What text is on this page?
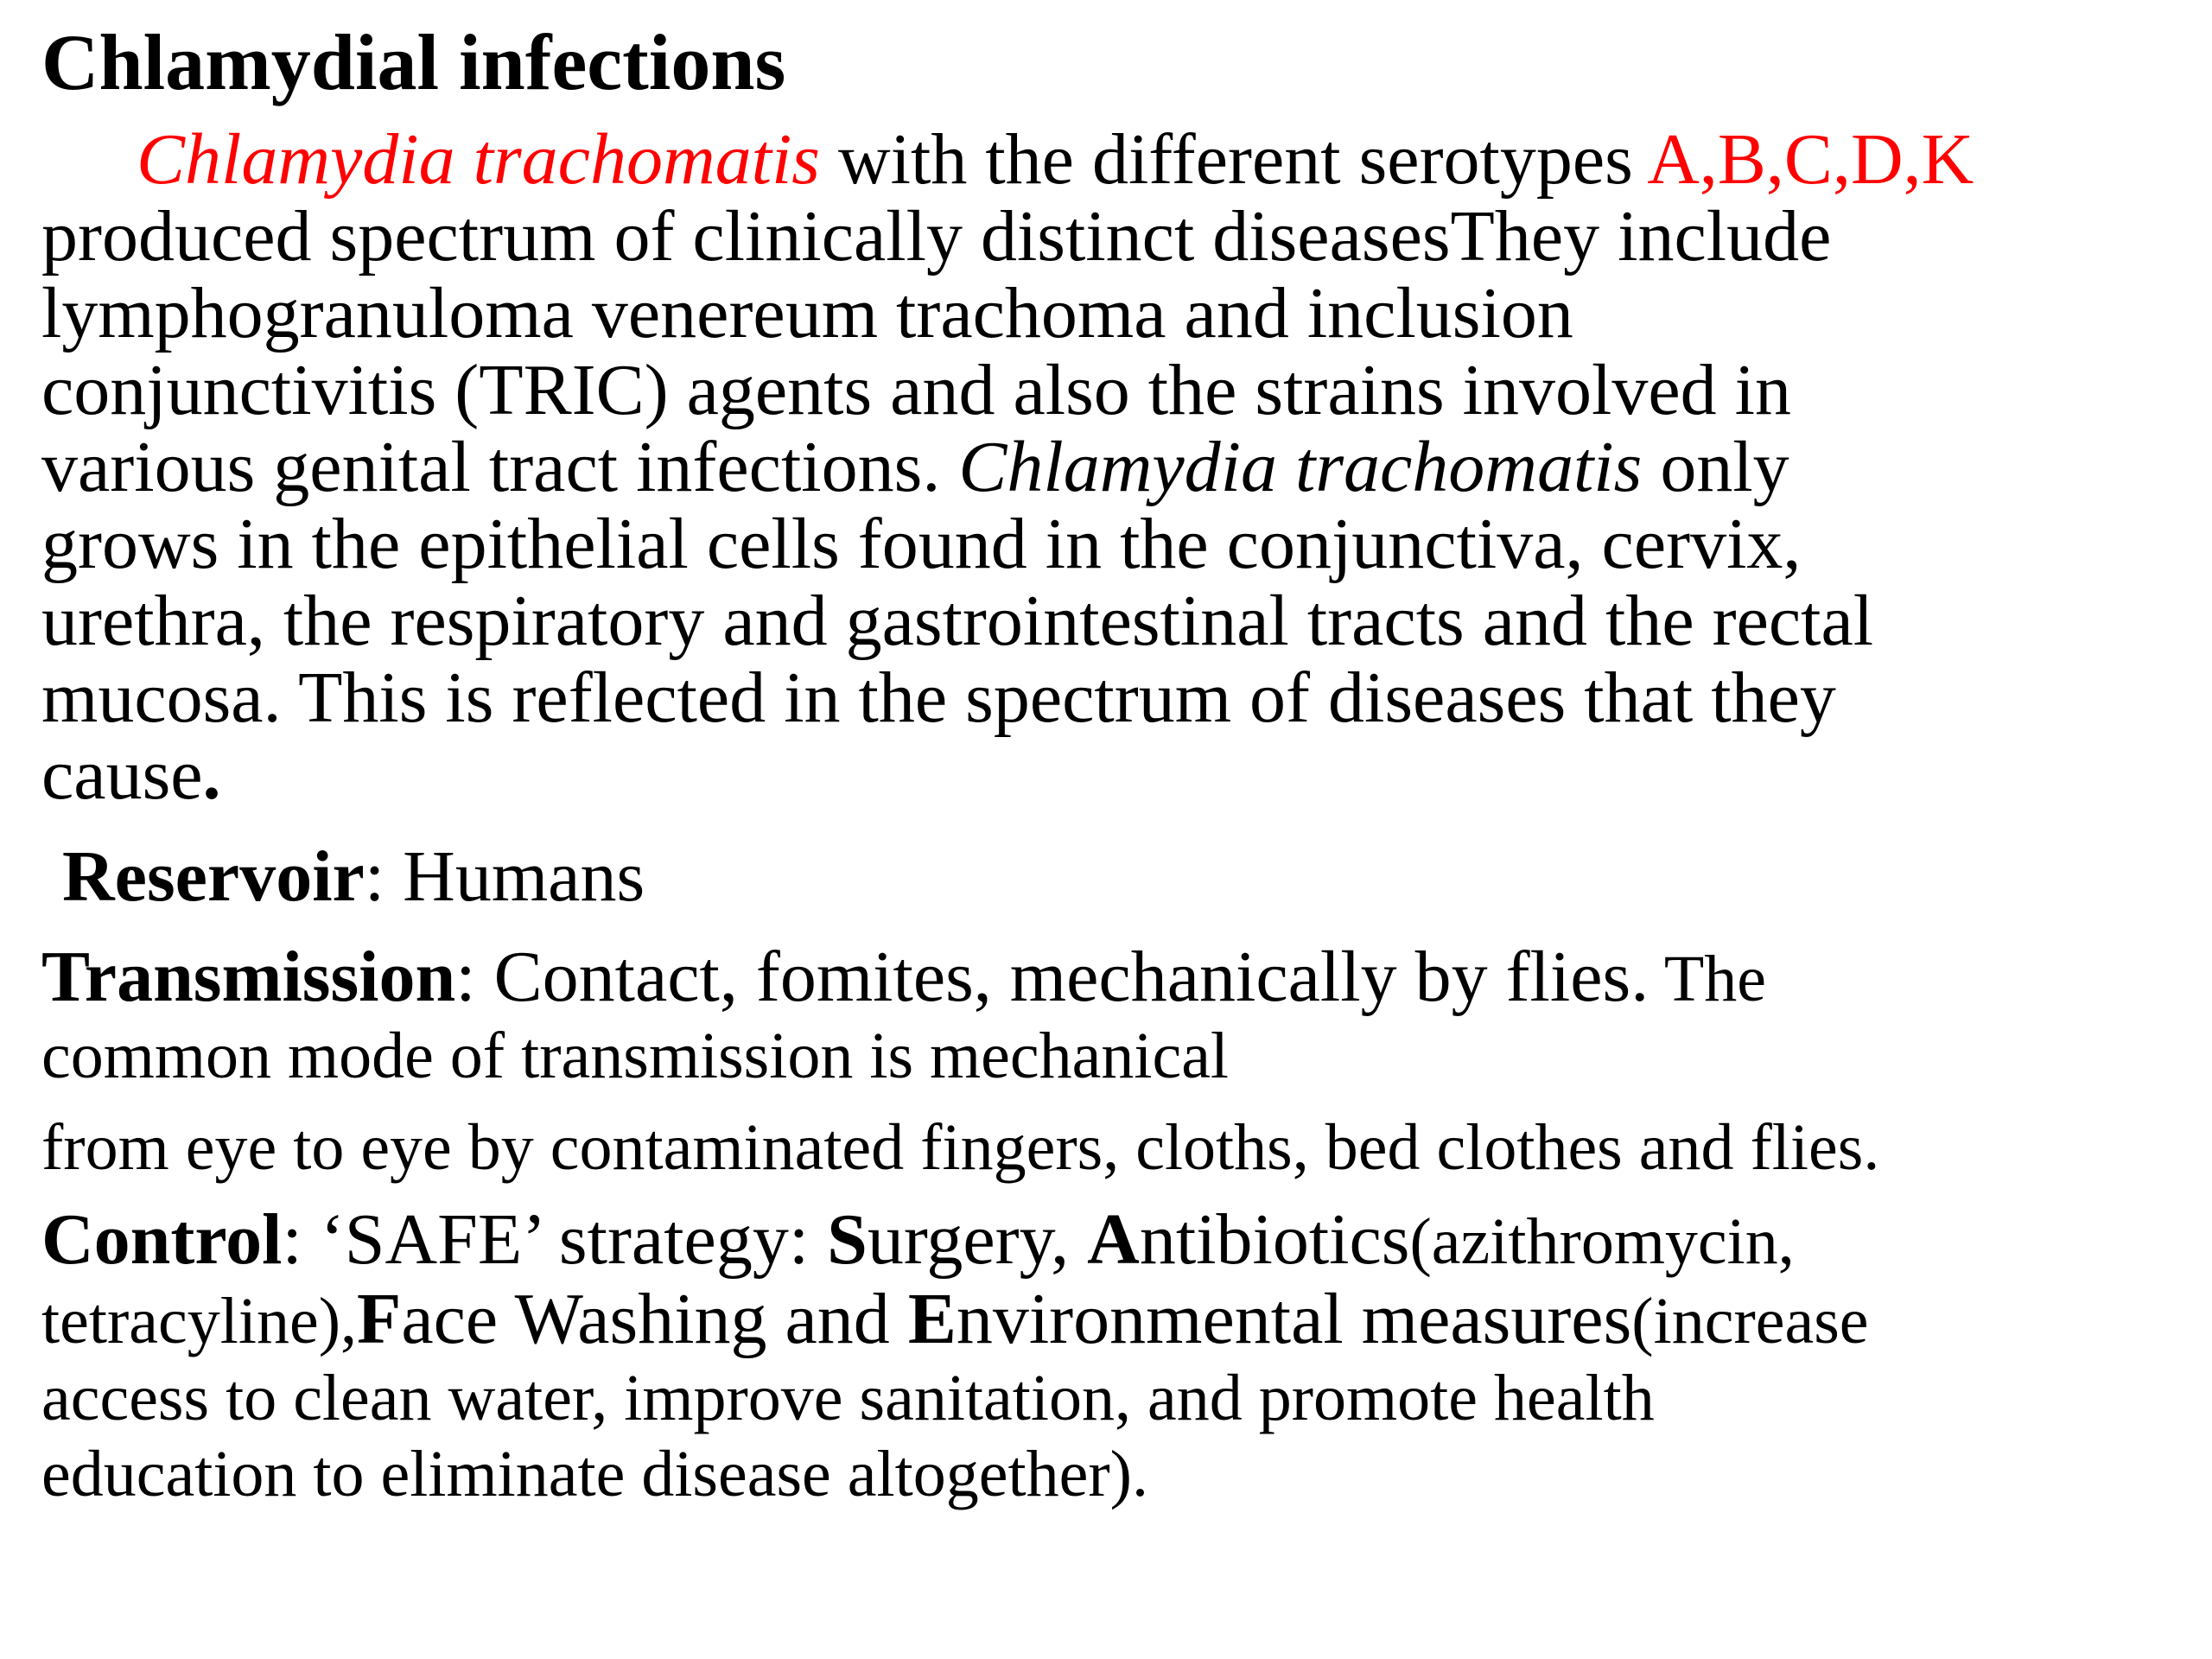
Chlamydial infections
Chlamydia trachomatis with the different serotypes A,B,C,D,K
produced spectrum of clinically distinct diseasesThey include
lymphogranuloma venereum trachoma and inclusion
conjunctivitis (TRIC) agents and also the strains involved in
various genital tract infections. Chlamydia trachomatis only
grows in the epithelial cells found in the conjunctiva, cervix,
urethra, the respiratory and gastrointestinal tracts and the rectal
mucosa. This is reflected in the spectrum of diseases that they
cause.
Reservoir: Humans
Transmission: Contact, fomites, mechanically by flies. The
common mode of transmission is mechanical
from eye to eye by contaminated fingers, cloths, bed clothes and flies.
Control: ‘SAFE’ strategy: Surgery, Antibiotics(azithromycin,
tetracyline),Face Washing and Environmental measures(increase
access to clean water, improve sanitation, and promote health
education to eliminate disease altogether).
